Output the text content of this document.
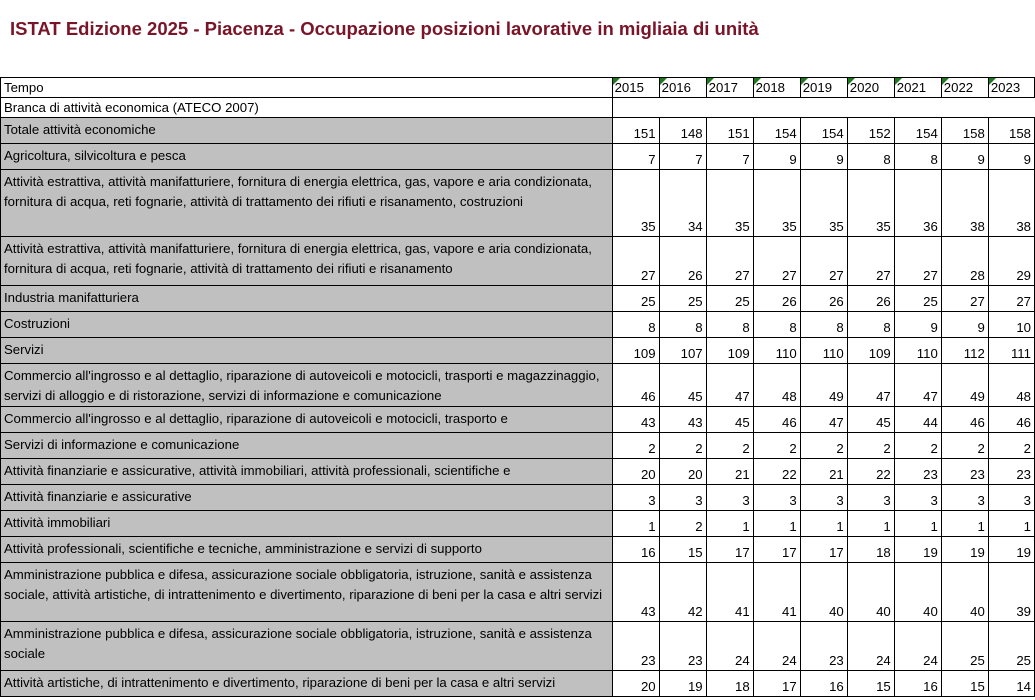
ISTAT Edizione 2025 - Piacenza - Occupazione posizioni lavorative in migliaia di unità
Tempo	2015	2016	2017	2018	2019	2020	2021	2022	2023
Branca di attività economica (ATECO 2007)									
Totale attività economiche	151	148	151	154	154	152	154	158	158
Agricoltura, silvicoltura e pesca	7	7	7	9	9	8	8	9	9
Attività estrattiva, attività manifatturiere, fornitura di energia elettrica, gas, vapore e aria condizionata, fornitura di acqua, reti fognarie, attività di trattamento dei rifiuti e risanamento, costruzioni	35	34	35	35	35	35	36	38	38
Attività estrattiva, attività manifatturiere, fornitura di energia elettrica, gas, vapore e aria condizionata, fornitura di acqua, reti fognarie, attività di trattamento dei rifiuti e risanamento	27	26	27	27	27	27	27	28	29
Industria manifatturiera	25	25	25	26	26	26	25	27	27
Costruzioni	8	8	8	8	8	8	9	9	10
Servizi	109	107	109	110	110	109	110	112	111
Commercio all'ingrosso e al dettaglio, riparazione di autoveicoli e motocicli, trasporti e magazzinaggio, servizi di alloggio e di ristorazione, servizi di informazione e comunicazione	46	45	47	48	49	47	47	49	48
Commercio all'ingrosso e al dettaglio, riparazione di autoveicoli e motocicli, trasporto e	43	43	45	46	47	45	44	46	46
Servizi di informazione e comunicazione	2	2	2	2	2	2	2	2	2
Attività finanziarie e assicurative, attività immobiliari, attività professionali, scientifiche e	20	20	21	22	21	22	23	23	23
Attività finanziarie e assicurative	3	3	3	3	3	3	3	3	3
Attività immobiliari	1	2	1	1	1	1	1	1	1
Attività professionali, scientifiche e tecniche, amministrazione e servizi di supporto	16	15	17	17	17	18	19	19	19
Amministrazione pubblica e difesa, assicurazione sociale obbligatoria, istruzione, sanità e assistenza sociale, attività artistiche, di intrattenimento e divertimento, riparazione di beni per la casa e altri servizi	43	42	41	41	40	40	40	40	39
Amministrazione pubblica e difesa, assicurazione sociale obbligatoria, istruzione, sanità e assistenza sociale	23	23	24	24	23	24	24	25	25
Attività artistiche, di intrattenimento e divertimento, riparazione di beni per la casa e altri servizi	20	19	18	17	16	15	16	15	14
